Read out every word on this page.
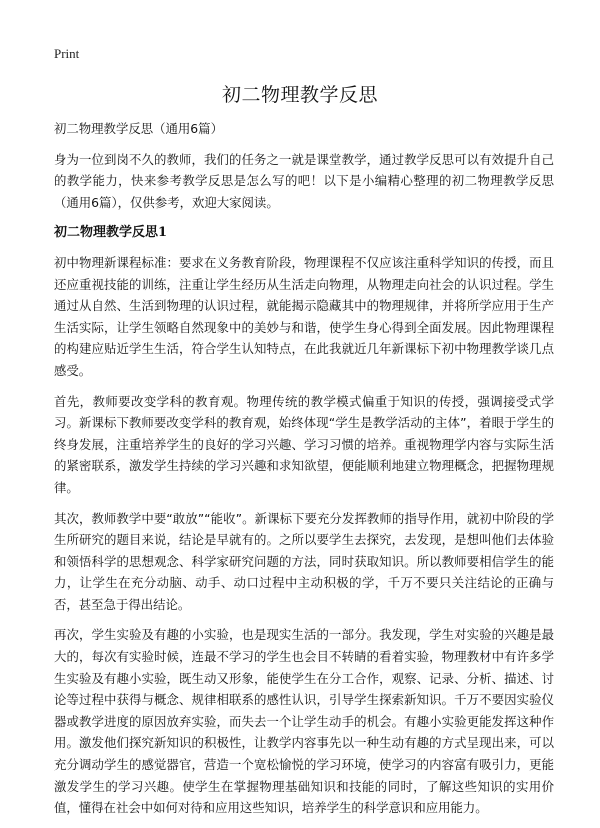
Print
初二物理教学反思

初二物理教学反思（通用6篇）

身为一位到岗不久的教师，我们的任务之一就是课堂教学，通过教学反思可以有效提升自己的教学能力，快来参考教学反思是怎么写的吧！以下是小编精心整理的初二物理教学反思（通用6篇），仅供参考，欢迎大家阅读。

初二物理教学反思1

初中物理新课程标准：要求在义务教育阶段，物理课程不仅应该注重科学知识的传授，而且还应重视技能的训练，注重让学生经历从生活走向物理，从物理走向社会的认识过程。学生通过从自然、生活到物理的认识过程，就能揭示隐藏其中的物理规律，并将所学应用于生产生活实际，让学生领略自然现象中的美妙与和谐，使学生身心得到全面发展。因此物理课程的构建应贴近学生生活，符合学生认知特点，在此我就近几年新课标下初中物理教学谈几点感受。

首先，教师要改变学科的教育观。物理传统的教学模式偏重于知识的传授，强调接受式学习。新课标下教师要改变学科的教育观，始终体现“学生是教学活动的主体”，着眼于学生的终身发展，注重培养学生的良好的学习兴趣、学习习惯的培养。重视物理学内容与实际生活的紧密联系，激发学生持续的学习兴趣和求知欲望，便能顺利地建立物理概念，把握物理规律。

其次，教师教学中要“敢放”“能收”。新课标下要充分发挥教师的指导作用，就初中阶段的学生所研究的题目来说，结论是早就有的。之所以要学生去探究，去发现，是想叫他们去体验和领悟科学的思想观念、科学家研究问题的方法，同时获取知识。所以教师要相信学生的能力，让学生在充分动脑、动手、动口过程中主动积极的学，千万不要只关注结论的正确与否，甚至急于得出结论。

再次，学生实验及有趣的小实验，也是现实生活的一部分。我发现，学生对实验的兴趣是最大的，每次有实验时候，连最不学习的学生也会目不转睛的看着实验，物理教材中有许多学生实验及有趣小实验，既生动又形象，能使学生在分工合作，观察、记录、分析、描述、讨论等过程中获得与概念、规律相联系的感性认识，引导学生探索新知识。千万不要因实验仪器或教学进度的原因放弃实验，而失去一个让学生动手的机会。有趣小实验更能发挥这种作用。激发他们探究新知识的积极性，让教学内容事先以一种生动有趣的方式呈现出来，可以充分调动学生的感觉器官，营造一个宽松愉悦的学习环境，使学习的内容富有吸引力，更能激发学生的学习兴趣。使学生在掌握物理基础知识和技能的同时，了解这些知识的实用价值，懂得在社会中如何对待和应用这些知识，培养学生的科学意识和应用能力。
